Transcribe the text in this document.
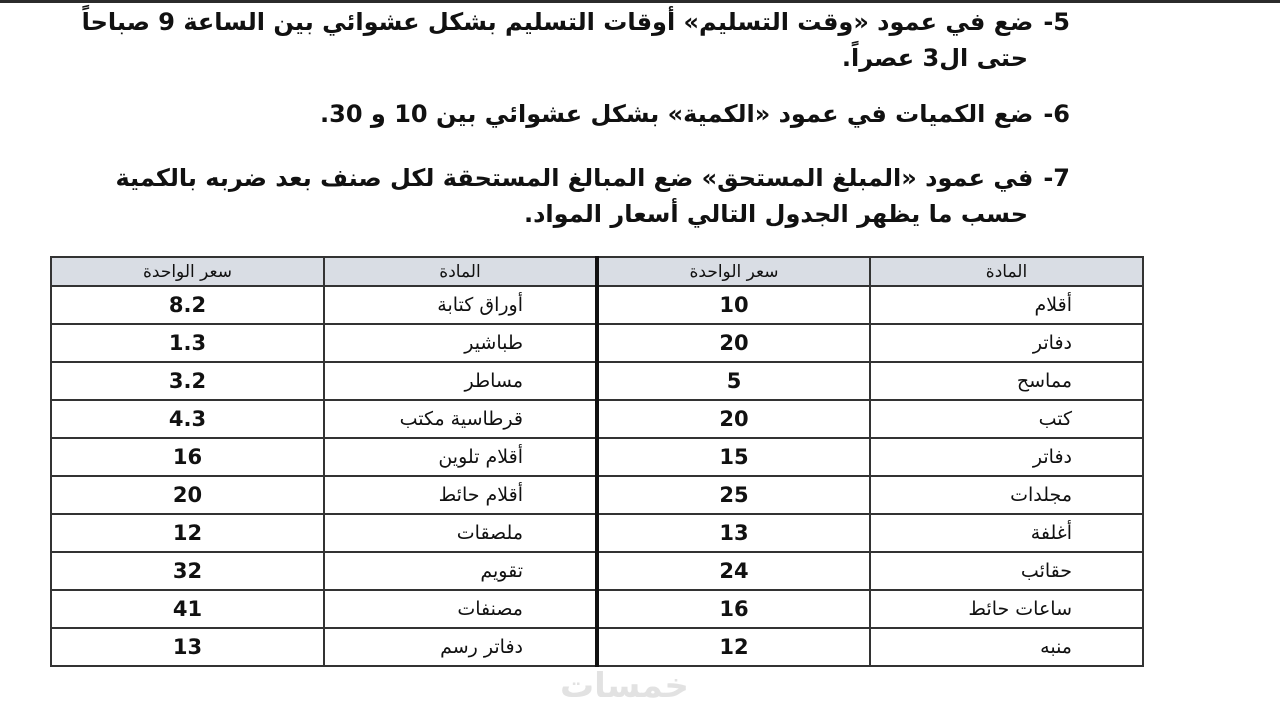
-5ضع في عمود «وقت التسليم» أوقات التسليم بشكل عشوائي بين الساعة 9 صباحاً
حتى ال3 عصراً.
-6ضع الكميات في عمود «الكمية» بشكل عشوائي بين 10 و 30.
-7في عمود «المبلغ المستحق» ضع المبالغ المستحقة لكل صنف بعد ضربه بالكمية
حسب ما يظهر الجدول التالي أسعار المواد.
المادة	سعر الواحدة	المادة	سعر الواحدة
أقلام	10	أوراق كتابة	8.2
دفاتر	20	طباشير	1.3
مماسح	5	مساطر	3.2
كتب	20	قرطاسية مكتب	4.3
دفاتر	15	أقلام تلوين	16
مجلدات	25	أقلام حائط	20
أغلفة	13	ملصقات	12
حقائب	24	تقويم	32
ساعات حائط	16	مصنفات	41
منبه	12	دفاتر رسم	13
خمسات
